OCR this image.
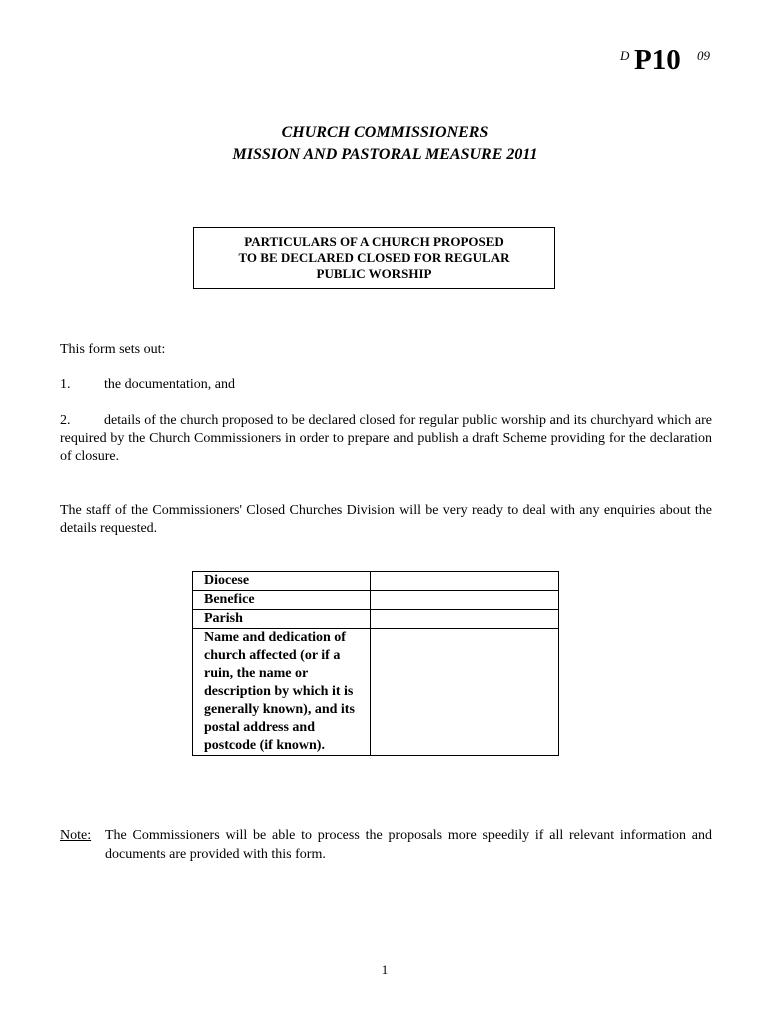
D P10 09
CHURCH COMMISSIONERS
MISSION AND PASTORAL MEASURE 2011
PARTICULARS OF A CHURCH PROPOSED
TO BE DECLARED CLOSED FOR REGULAR
PUBLIC WORSHIP
This form sets out:
1. the documentation, and
2. details of the church proposed to be declared closed for regular public worship and its churchyard which are required by the Church Commissioners in order to prepare and publish a draft Scheme providing for the declaration of closure.
The staff of the Commissioners' Closed Churches Division will be very ready to deal with any enquiries about the details requested.
Diocese	
Benefice	
Parish	
Name and dedication of church affected (or if a ruin, the name or description by which it is generally known), and its postal address and postcode (if known).	
Note: The Commissioners will be able to process the proposals more speedily if all relevant information and documents are provided with this form.
1
